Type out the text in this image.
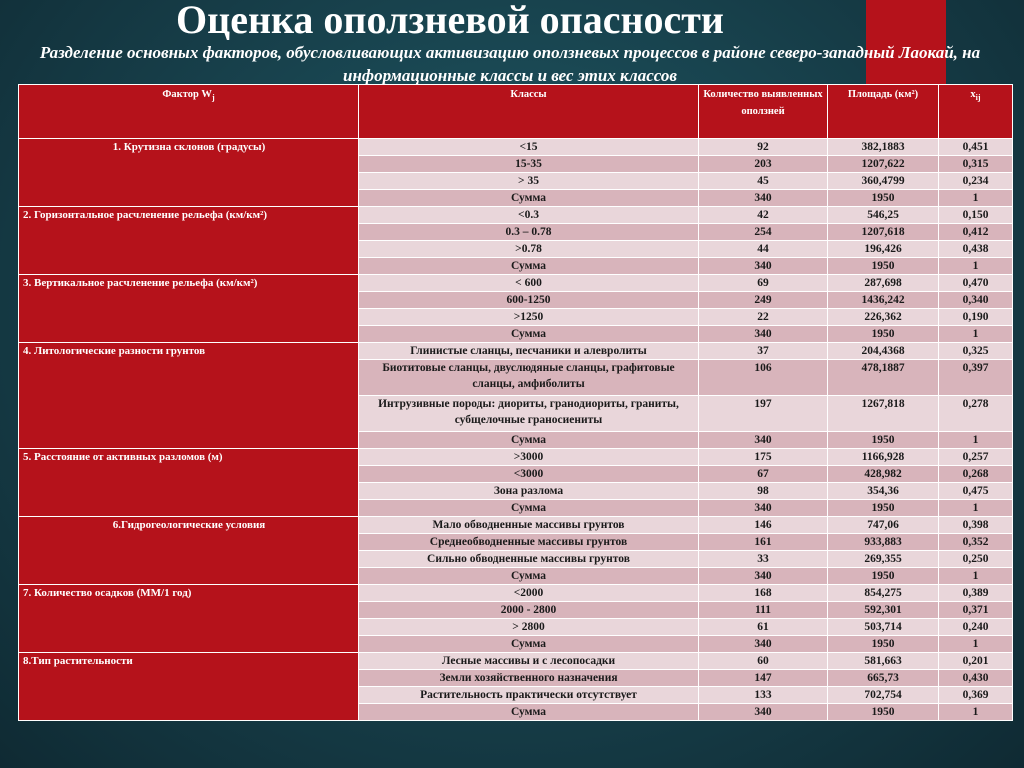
Оценка оползневой опасности

Разделение основных факторов, обусловливающих активизацию оползневых процессов в районе северо-западный Лаокай, на информационные классы и вес этих классов

Фактор $W_j$	Классы	Количество выявленных оползней	Площадь (км²)	$x_{ij}$
1. Крутизна склонов (градусы)	<15	92	382,1883	0,451
	15-35	203	1207,622	0,315
	> 35	45	360,4799	0,234
	Сумма	340	1950	1
2. Горизонтальное расчленение рельефа (км/км²)	<0.3	42	546,25	0,150
	0.3 – 0.78	254	1207,618	0,412
	>0.78	44	196,426	0,438
	Сумма	340	1950	1
3. Вертикальное расчленение рельефа (км/км²)	< 600	69	287,698	0,470
	600-1250	249	1436,242	0,340
	>1250	22	226,362	0,190
	Сумма	340	1950	1
4. Литологические разности грунтов	Глинистые сланцы, песчаники и алевролиты	37	204,4368	0,325
	Биотитовые сланцы, двуслюдяные сланцы, графитовые сланцы, амфиболиты	106	478,1887	0,397
	Интрузивные породы: диориты, гранодиориты, граниты, субщелочные граносиениты	197	1267,818	0,278
	Сумма	340	1950	1
5. Расстояние от активных разломов (м)	>3000	175	1166,928	0,257
	<3000	67	428,982	0,268
	Зона разлома	98	354,36	0,475
	Сумма	340	1950	1
6.Гидрогеологические условия	Мало обводненные массивы грунтов	146	747,06	0,398
	Среднеобводненные массивы грунтов	161	933,883	0,352
	Сильно обводненные массивы грунтов	33	269,355	0,250
	Сумма	340	1950	1
7. Количество осадков (ММ/1 год)	<2000	168	854,275	0,389
	2000 - 2800	111	592,301	0,371
	> 2800	61	503,714	0,240
	Сумма	340	1950	1
8.Тип растительности	Лесные массивы и с лесопосадки	60	581,663	0,201
	Земли хозяйственного назначения	147	665,73	0,430
	Растительность практически отсутствует	133	702,754	0,369
	Сумма	340	1950	1
